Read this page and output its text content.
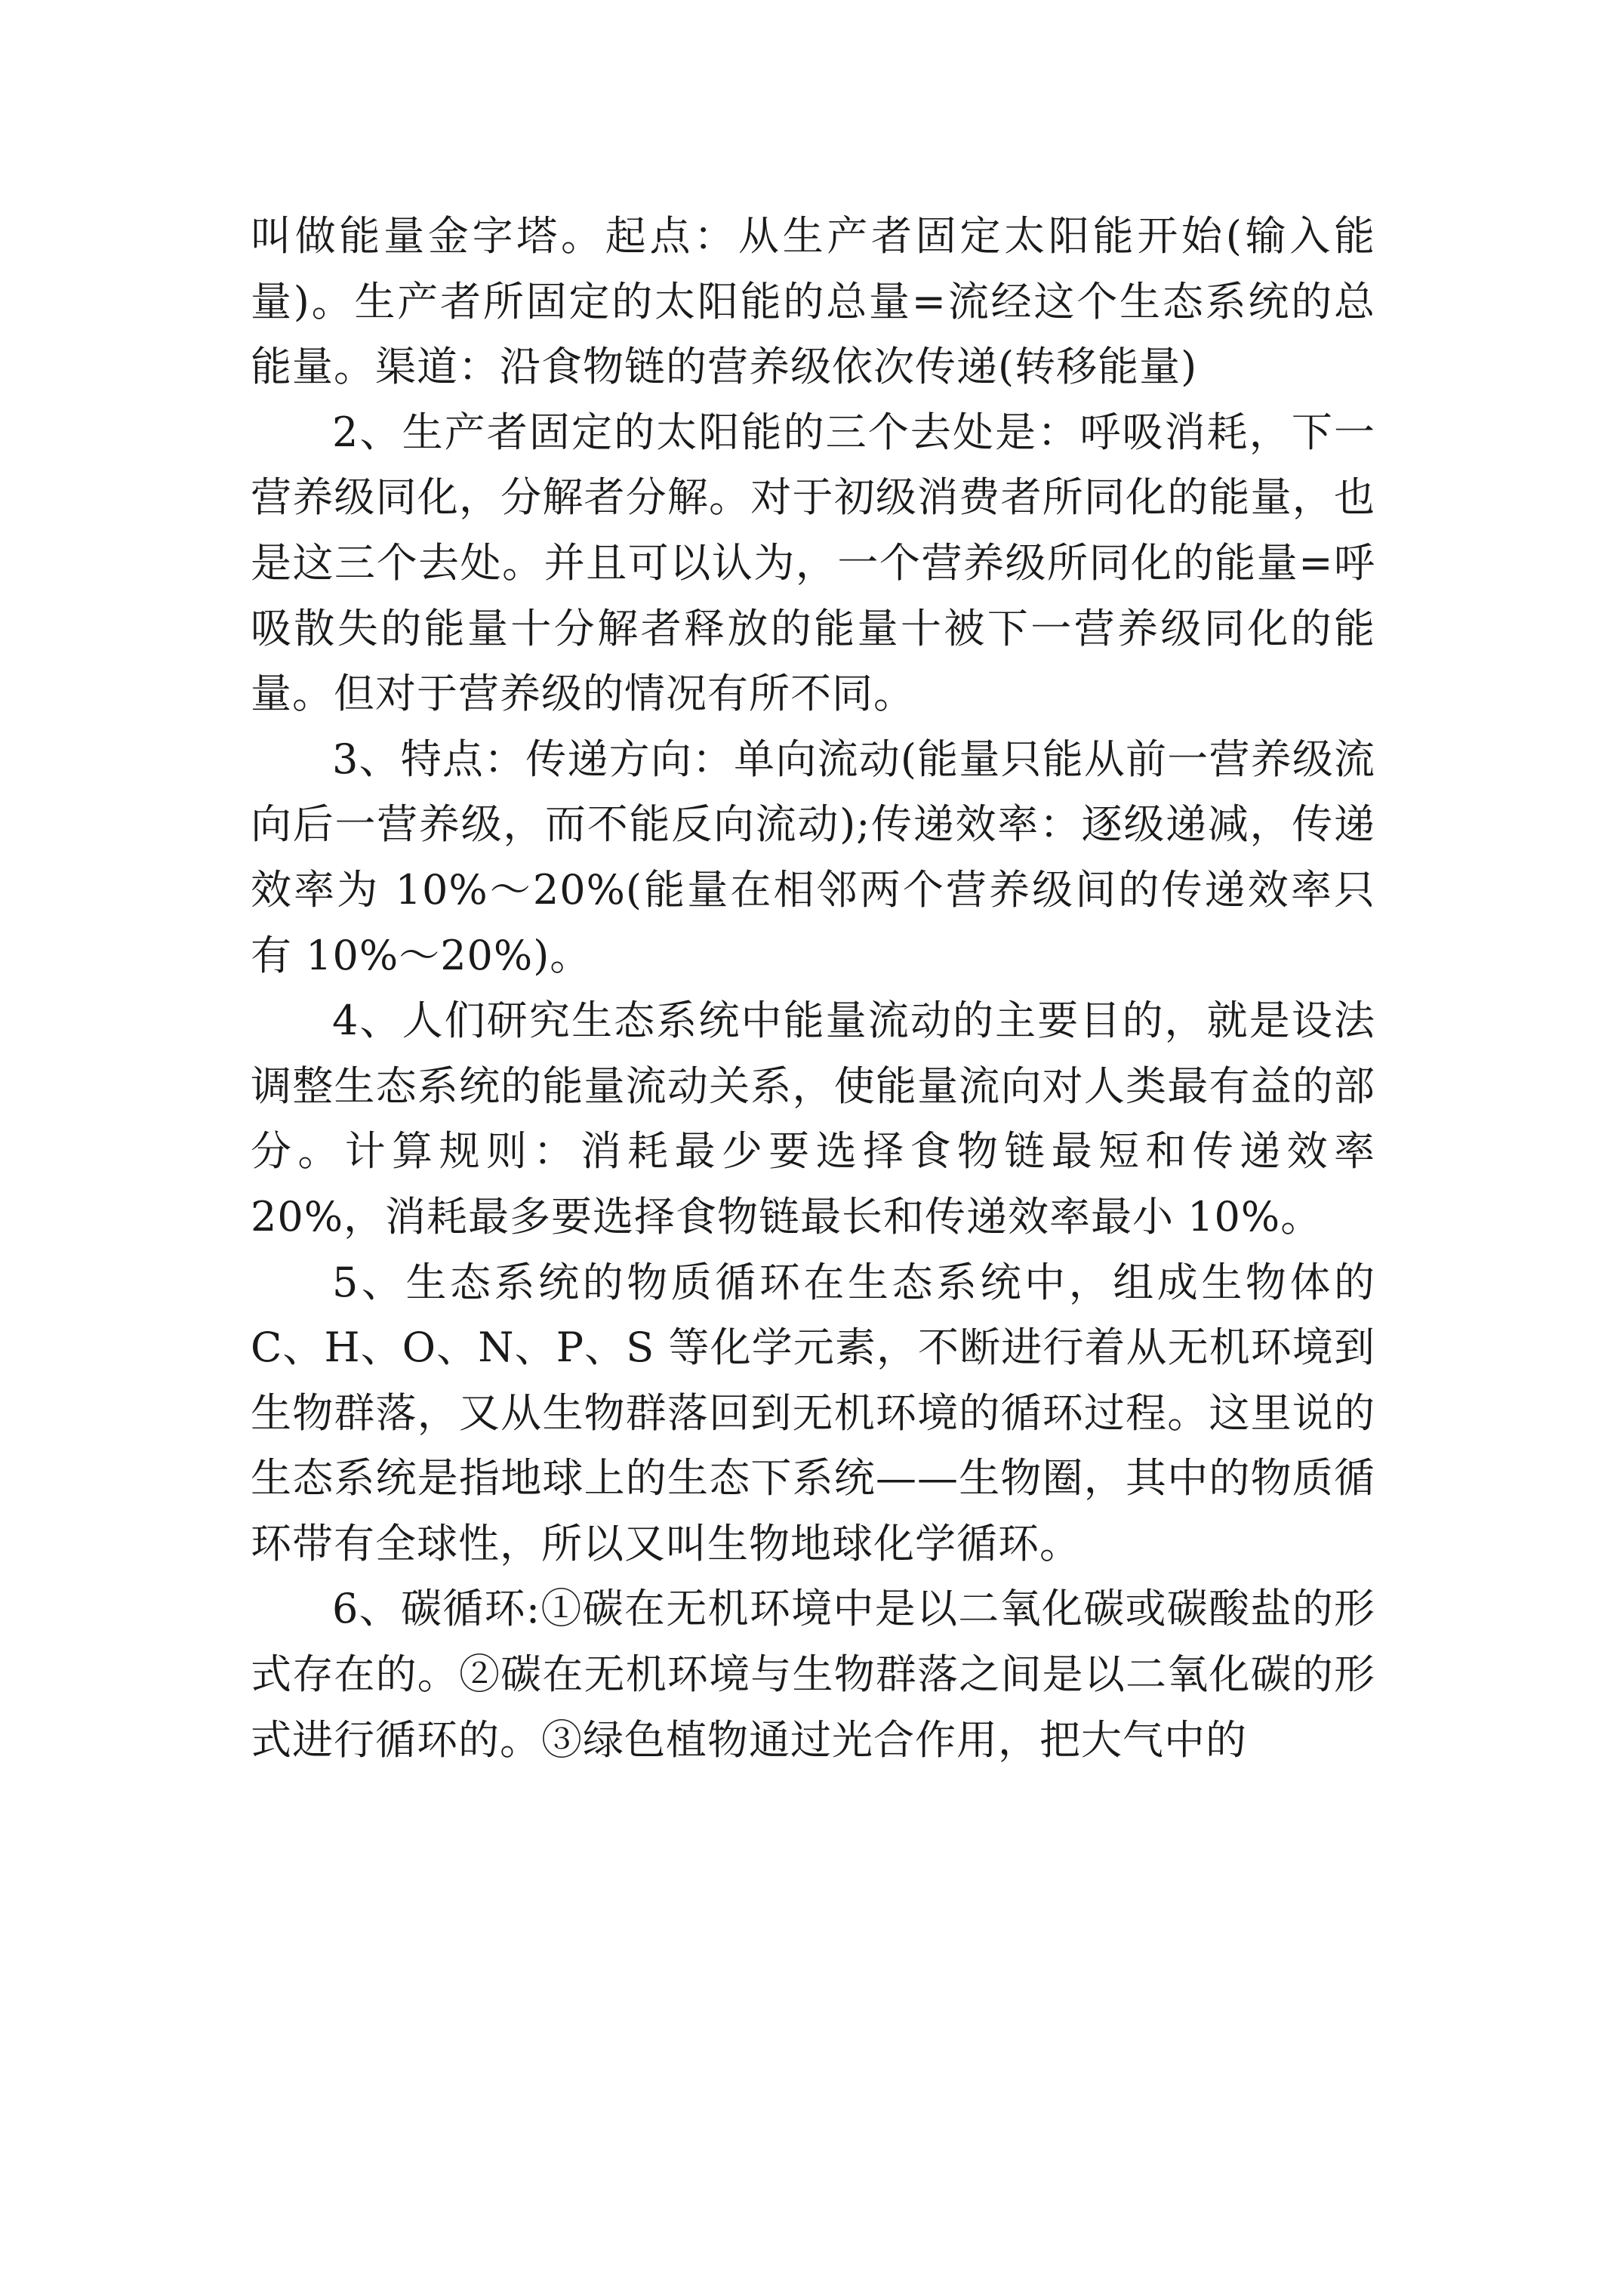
叫做能量金字塔。起点：从生产者固定太阳能开始(输入能量)。生产者所固定的太阳能的总量=流经这个生态系统的总能量。渠道：沿食物链的营养级依次传递(转移能量)

2、生产者固定的太阳能的三个去处是：呼吸消耗，下一营养级同化，分解者分解。对于初级消费者所同化的能量，也是这三个去处。并且可以认为，一个营养级所同化的能量=呼吸散失的能量十分解者释放的能量十被下一营养级同化的能量。但对于营养级的情况有所不同。

3、特点：传递方向：单向流动(能量只能从前一营养级流向后一营养级，而不能反向流动);传递效率：逐级递减，传递效率为 10%～20%(能量在相邻两个营养级间的传递效率只有 10%～20%)。

4、人们研究生态系统中能量流动的主要目的，就是设法调整生态系统的能量流动关系，使能量流向对人类最有益的部分。计算规则：消耗最少要选择食物链最短和传递效率 20%，消耗最多要选择食物链最长和传递效率最小 10%。

5、生态系统的物质循环在生态系统中，组成生物体的C、H、O、N、P、S 等化学元素，不断进行着从无机环境到生物群落，又从生物群落回到无机环境的循环过程。这里说的生态系统是指地球上的生态下系统——生物圈，其中的物质循环带有全球性，所以又叫生物地球化学循环。

6、碳循环:①碳在无机环境中是以二氧化碳或碳酸盐的形式存在的。②碳在无机环境与生物群落之间是以二氧化碳的形式进行循环的。③绿色植物通过光合作用，把大气中的
